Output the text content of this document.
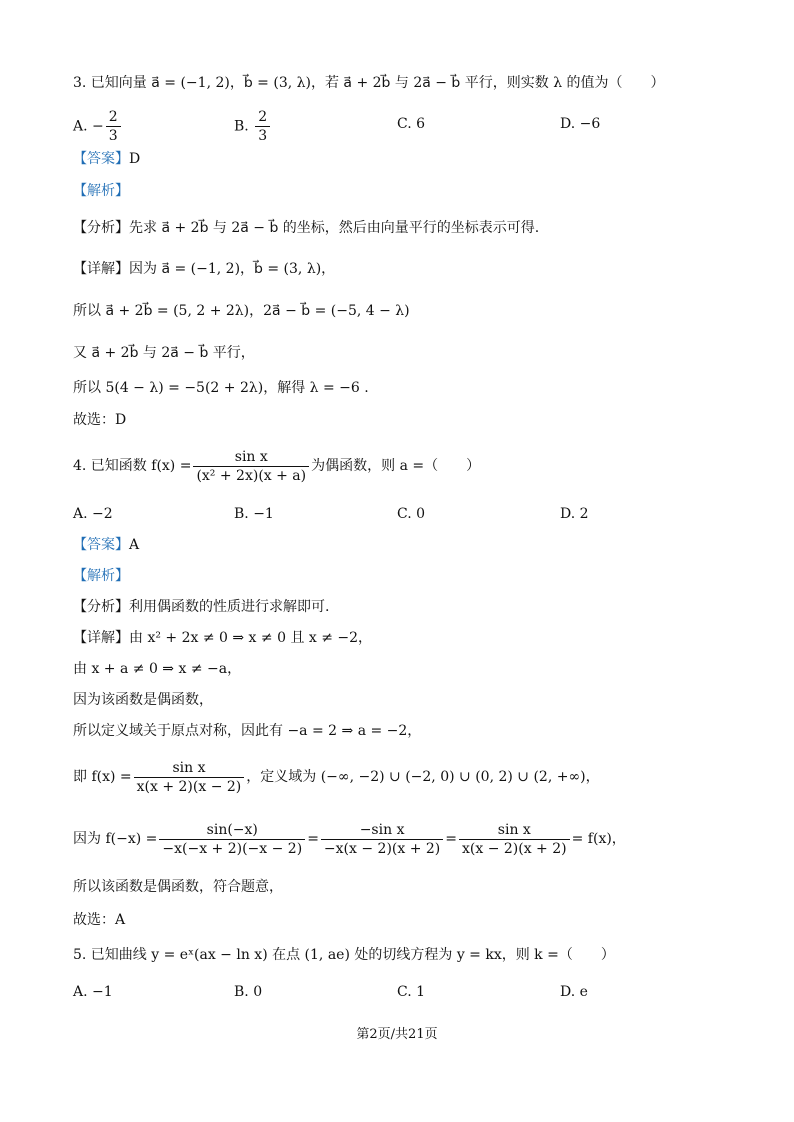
3. 已知向量 a⃗ = (−1, 2)，b⃗ = (3, λ)，若 a⃗ + 2b⃗ 与 2a⃗ − b⃗ 平行，则实数 λ 的值为（　　）
A. − $\frac{2}{3}$	B. $\frac{2}{3}$	C. 6	D. −6
【答案】D
【解析】
【分析】先求 a⃗ + 2b⃗ 与 2a⃗ − b⃗ 的坐标，然后由向量平行的坐标表示可得.
【详解】因为 a⃗ = (−1, 2)，b⃗ = (3, λ)，
所以 a⃗ + 2b⃗ = (5, 2 + 2λ)，2a⃗ − b⃗ = (−5, 4 − λ)
又 a⃗ + 2b⃗ 与 2a⃗ − b⃗ 平行，
所以 5(4 − λ) = −5(2 + 2λ)，解得 λ = −6 .
故选：D
4. 已知函数 $f(x) = \frac{\text{sin x}}{\text{(x² + 2x)(x + a)}}$ 为偶函数，则 a =（　　）
A. −2	B. −1	C. 0	D. 2
【答案】A
【解析】
【分析】利用偶函数的性质进行求解即可.
【详解】由 x² + 2x ≠ 0 ⇒ x ≠ 0 且 x ≠ −2，
由 x + a ≠ 0 ⇒ x ≠ −a，
因为该函数是偶函数，
所以定义域关于原点对称，因此有 −a = 2 ⇒ a = −2，
即 $f(x) = \frac{\text{sin x}}{x(x + 2)(x - 2)}$ ，定义域为 (−∞, −2) ∪ (−2, 0) ∪ (0, 2) ∪ (2, +∞)，
因为 $f(-x) = \frac{\sin(-x)}{-x(-x + 2)(-x - 2)} = \frac{\text{−sin x}}{-x(x - 2)(x + 2)} = \frac{\text{sin x}}{x(x - 2)(x + 2)} = f(x)$，
所以该函数是偶函数，符合题意，
故选：A
5. 已知曲线 y = eˣ(ax − ln x) 在点 (1, ae) 处的切线方程为 y = kx，则 k =（　　）
A. −1	B. 0	C. 1	D. e
第2页/共21页
